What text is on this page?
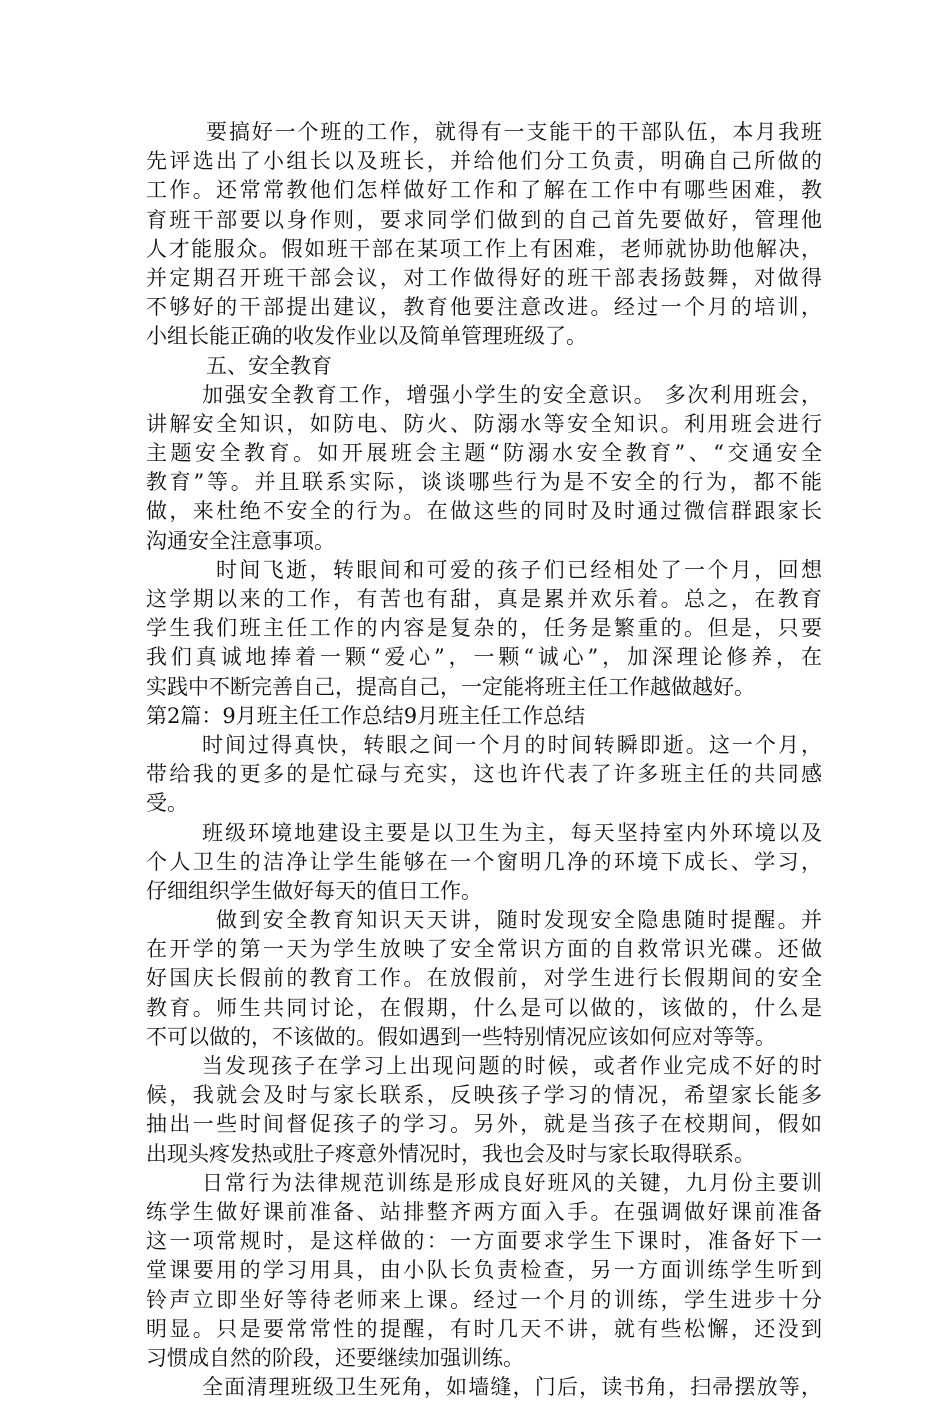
要搞好一个班的工作，就得有一支能干的干部队伍，本月我班
先评选出了小组长以及班长，并给他们分工负责，明确自己所做的
工作。还常常教他们怎样做好工作和了解在工作中有哪些困难，教
育班干部要以身作则，要求同学们做到的自己首先要做好，管理他
人才能服众。假如班干部在某项工作上有困难，老师就协助他解决，
并定期召开班干部会议，对工作做得好的班干部表扬鼓舞，对做得
不够好的干部提出建议，教育他要注意改进。经过一个月的培训，
小组长能正确的收发作业以及简单管理班级了。
五、安全教育
加强安全教育工作，增强小学生的安全意识。 多次利用班会，
讲解安全知识，如防电、防火、防溺水等安全知识。利用班会进行
主题安全教育。如开展班会主题“防溺水安全教育”、“交通安全
教育”等。并且联系实际，谈谈哪些行为是不安全的行为，都不能
做，来杜绝不安全的行为。在做这些的同时及时通过微信群跟家长
沟通安全注意事项。
时间飞逝，转眼间和可爱的孩子们已经相处了一个月，回想
这学期以来的工作，有苦也有甜，真是累并欢乐着。总之，在教育
学生我们班主任工作的内容是复杂的，任务是繁重的。但是，只要
我们真诚地捧着一颗“爱心”，一颗“诚心”，加深理论修养，在
实践中不断完善自己，提高自己，一定能将班主任工作越做越好。
第2篇：9月班主任工作总结9月班主任工作总结
时间过得真快，转眼之间一个月的时间转瞬即逝。这一个月，
带给我的更多的是忙碌与充实，这也许代表了许多班主任的共同感
受。
班级环境地建设主要是以卫生为主，每天坚持室内外环境以及
个人卫生的洁净让学生能够在一个窗明几净的环境下成长、学习，
仔细组织学生做好每天的值日工作。
做到安全教育知识天天讲，随时发现安全隐患随时提醒。并
在开学的第一天为学生放映了安全常识方面的自救常识光碟。还做
好国庆长假前的教育工作。在放假前，对学生进行长假期间的安全
教育。师生共同讨论，在假期，什么是可以做的，该做的，什么是
不可以做的，不该做的。假如遇到一些特别情况应该如何应对等等。
当发现孩子在学习上出现问题的时候，或者作业完成不好的时
候，我就会及时与家长联系，反映孩子学习的情况，希望家长能多
抽出一些时间督促孩子的学习。另外，就是当孩子在校期间，假如
出现头疼发热或肚子疼意外情况时，我也会及时与家长取得联系。
日常行为法律规范训练是形成良好班风的关键，九月份主要训
练学生做好课前准备、站排整齐两方面入手。在强调做好课前准备
这一项常规时，是这样做的：一方面要求学生下课时，准备好下一
堂课要用的学习用具，由小队长负责检查，另一方面训练学生听到
铃声立即坐好等待老师来上课。经过一个月的训练，学生进步十分
明显。只是要常常性的提醒，有时几天不讲，就有些松懈，还没到
习惯成自然的阶段，还要继续加强训练。
全面清理班级卫生死角，如墙缝，门后，读书角，扫帚摆放等，
